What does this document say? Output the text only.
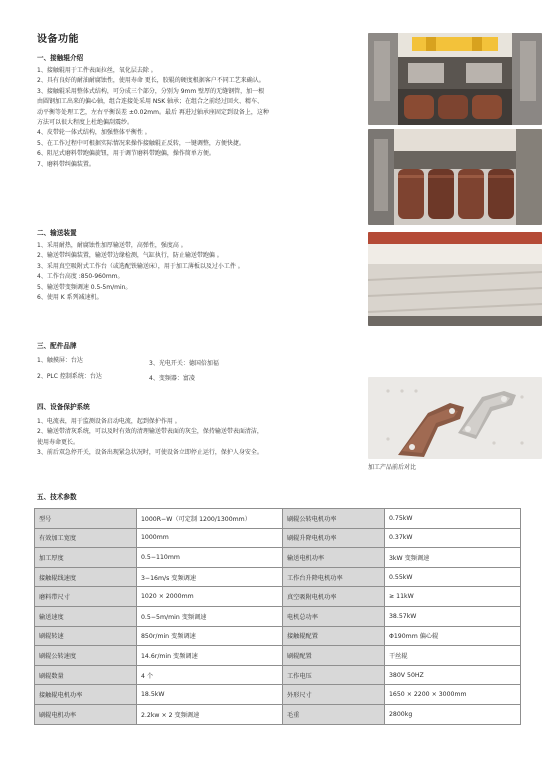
设备功能
一、接触辊介绍
1、接触辊用于工件表面拉丝，氧化层去除 。
2、具有良好的耐油耐腐蚀性，使用寿命 更长，胶辊的硬度根据客户不同工艺来确认。
3、接触辊采用整体式结构，可分成三个部分，分别为 9mm 壁厚的无缝钢管，加一根
由圆钢加工出来的偏心轴，组合连接处采用 NSK 轴承；在组合之前经过回火、精车、
动平衡等处理工艺，左右平衡误差 ±0.02mm。最后 再进过轴承座固定到设备上，这种
方法可以很大程度上杜绝偏刮震纱。
4、皮带轮一体式结构，加强整体平衡性 。
5、在工作过程中可根据实际情况来操作接触辊正反转，一键调整，方便快捷。
6、阻尼式磨料带跑偏旋钮，用于调节磨料带跑偏，操作简单方便。
7、磨料带纠偏装置。
二、输送装置
1、采用耐热，耐腐蚀性加厚输送带，高弹性，强度高 。
2、输送带纠偏装置，输送带边缘检测，气缸执行，防止输送带跑偏 。
3、采用真空吸附式工作台（或选配铁输送床），用于加工薄板以及过小工件 。
4、工作台高度 :850-960mm。
5、输送带变频调速 0.5-5m/min。
6、使用 K 系列减速机。
三、配件品牌
1、触摸屏：台达
2、PLC 控制系统：台达
3、光电开关：德国倍加福
4、变频器：富凌
四、设备保护系统
1、电流表，用于监测设备启动电流，起到保护作用 。
2、输送带清灰系统，可以及时有效的清理输送带表面的灰尘，保持输送带表面清洁，
使用寿命更长。
3、前后双急停开关，设备出现紧急状况时，可使设备立即停止运行，保护人身安全。
五、技术参数
加工产品前后对比
型号	1000R−W（可定制 1200/1300mm）	刷辊公转电机功率	0.75kW
有效加工宽度	1000mm	刷辊升降电机功率	0.37kW
加工厚度	0.5−110mm	输送电机功率	3kW 变频调速
接触辊线速度	3−16m/s 变频调速	工作台升降电机功率	0.55kW
磨料带尺寸	1020 × 2000mm	真空吸附电机功率	≥ 11kW
输送速度	0.5−5m/min 变频调速	电机总功率	38.57kW
刷辊转速	850r/min 变频调速	接触辊配置	Φ190mm 偏心辊
刷辊公转速度	14.6r/min 变频调速	刷辊配置	干丝辊
刷辊数量	4 个	工作电压	380V 50HZ
接触辊电机功率	18.5kW	外形尺寸	1650 × 2200 × 3000mm
刷辊电机功率	2.2kw × 2 变频调速	毛重	2800kg
